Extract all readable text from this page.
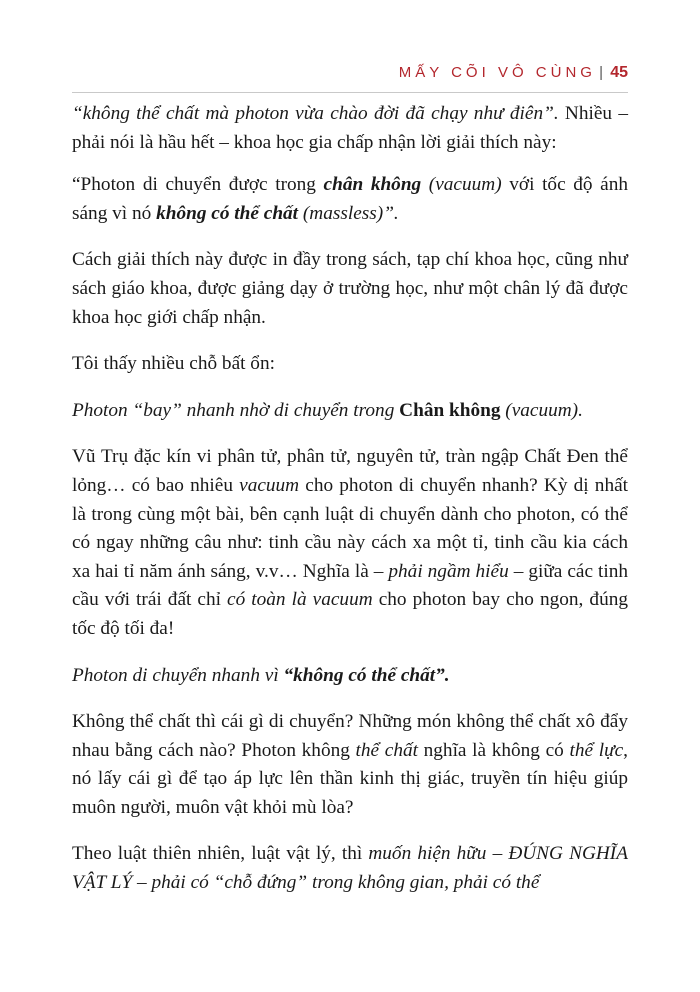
MẤY CÕI VÔ CÙNG | 45

“không thể chất mà photon vừa chào đời đã chạy như điên”. Nhiều – phải nói là hầu hết – khoa học gia chấp nhận lời giải thích này:

“Photon di chuyển được trong chân không (vacuum) với tốc độ ánh sáng vì nó không có thể chất (massless)”.

Cách giải thích này được in đầy trong sách, tạp chí khoa học, cũng như sách giáo khoa, được giảng dạy ở trường học, như một chân lý đã được khoa học giới chấp nhận.

Tôi thấy nhiều chỗ bất ổn:

Photon “bay” nhanh nhờ di chuyển trong Chân không (vacuum).

Vũ Trụ đặc kín vi phân tử, phân tử, nguyên tử, tràn ngập Chất Đen thể lỏng… có bao nhiêu vacuum cho photon di chuyển nhanh? Kỳ dị nhất là trong cùng một bài, bên cạnh luật di chuyển dành cho photon, có thể có ngay những câu như: tinh cầu này cách xa một tỉ, tinh cầu kia cách xa hai tỉ năm ánh sáng, v.v… Nghĩa là – phải ngầm hiểu – giữa các tinh cầu với trái đất chỉ có toàn là vacuum cho photon bay cho ngon, đúng tốc độ tối đa!

Photon di chuyển nhanh vì “không có thể chất”.

Không thể chất thì cái gì di chuyển? Những món không thể chất xô đẩy nhau bằng cách nào? Photon không thể chất nghĩa là không có thể lực, nó lấy cái gì để tạo áp lực lên thần kinh thị giác, truyền tín hiệu giúp muôn người, muôn vật khỏi mù lòa?

Theo luật thiên nhiên, luật vật lý, thì muốn hiện hữu – ĐÚNG NGHĨA VẬT LÝ – phải có “chỗ đứng” trong không gian, phải có thể
